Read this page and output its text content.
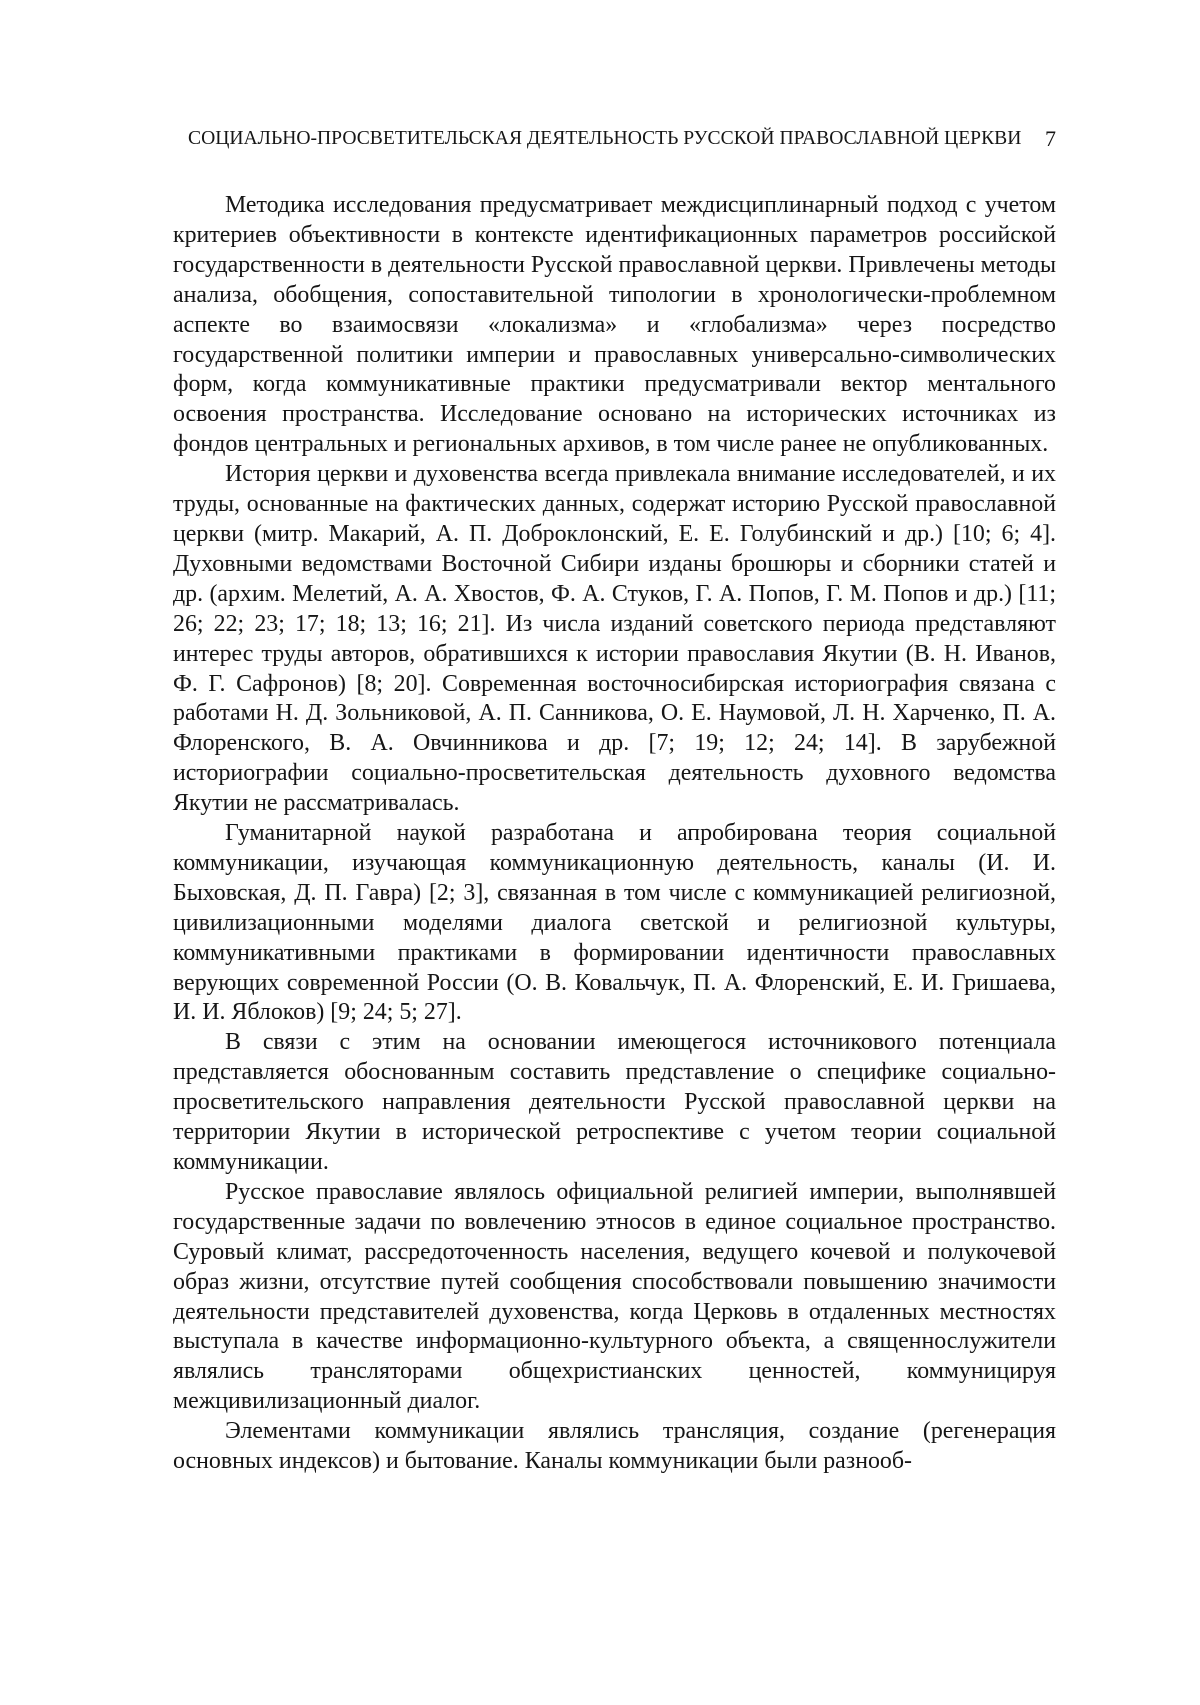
СОЦИАЛЬНО-ПРОСВЕТИТЕЛЬСКАЯ ДЕЯТЕЛЬНОСТЬ РУССКОЙ ПРАВОСЛАВНОЙ ЦЕРКВИ 7

Методика исследования предусматривает междисциплинарный подход с учетом критериев объективности в контексте идентификационных параметров российской государственности в деятельности Русской православной церкви. Привлечены методы анализа, обобщения, сопоставительной типологии в хронологически-проблемном аспекте во взаимосвязи «локализма» и «глобализма» через посредство государственной политики империи и православных универсально-символических форм, когда коммуникативные практики предусматривали вектор ментального освоения пространства. Исследование основано на исторических источниках из фондов центральных и региональных архивов, в том числе ранее не опубликованных.

История церкви и духовенства всегда привлекала внимание исследователей, и их труды, основанные на фактических данных, содержат историю Русской православной церкви (митр. Макарий, А. П. Доброклонский, Е. Е. Голубинский и др.) [10; 6; 4]. Духовными ведомствами Восточной Сибири изданы брошюры и сборники статей и др. (архим. Мелетий, А. А. Хвостов, Ф. А. Стуков, Г. А. Попов, Г. М. Попов и др.) [11; 26; 22; 23; 17; 18; 13; 16; 21]. Из числа изданий советского периода представляют интерес труды авторов, обратившихся к истории православия Якутии (В. Н. Иванов, Ф. Г. Сафронов) [8; 20]. Современная восточносибирская историография связана с работами Н. Д. Зольниковой, А. П. Санникова, О. Е. Наумовой, Л. Н. Харченко, П. А. Флоренского, В. А. Овчинникова и др. [7; 19; 12; 24; 14]. В зарубежной историографии социально-просветительская деятельность духовного ведомства Якутии не рассматривалась.

Гуманитарной наукой разработана и апробирована теория социальной коммуникации, изучающая коммуникационную деятельность, каналы (И. И. Быховская, Д. П. Гавра) [2; 3], связанная в том числе с коммуникацией религиозной, цивилизационными моделями диалога светской и религиозной культуры, коммуникативными практиками в формировании идентичности православных верующих современной России (О. В. Ковальчук, П. А. Флоренский, Е. И. Гришаева, И. И. Яблоков) [9; 24; 5; 27].

В связи с этим на основании имеющегося источникового потенциала представляется обоснованным составить представление о специфике социально-просветительского направления деятельности Русской православной церкви на территории Якутии в исторической ретроспективе с учетом теории социальной коммуникации.

Русское православие являлось официальной религией империи, выполнявшей государственные задачи по вовлечению этносов в единое социальное пространство. Суровый климат, рассредоточенность населения, ведущего кочевой и полукочевой образ жизни, отсутствие путей сообщения способствовали повышению значимости деятельности представителей духовенства, когда Церковь в отдаленных местностях выступала в качестве информационно-культурного объекта, а священнослужители являлись трансляторами общехристианских ценностей, коммуницируя межцивилизационный диалог.

Элементами коммуникации являлись трансляция, создание (регенерация основных индексов) и бытование. Каналы коммуникации были разнооб-
